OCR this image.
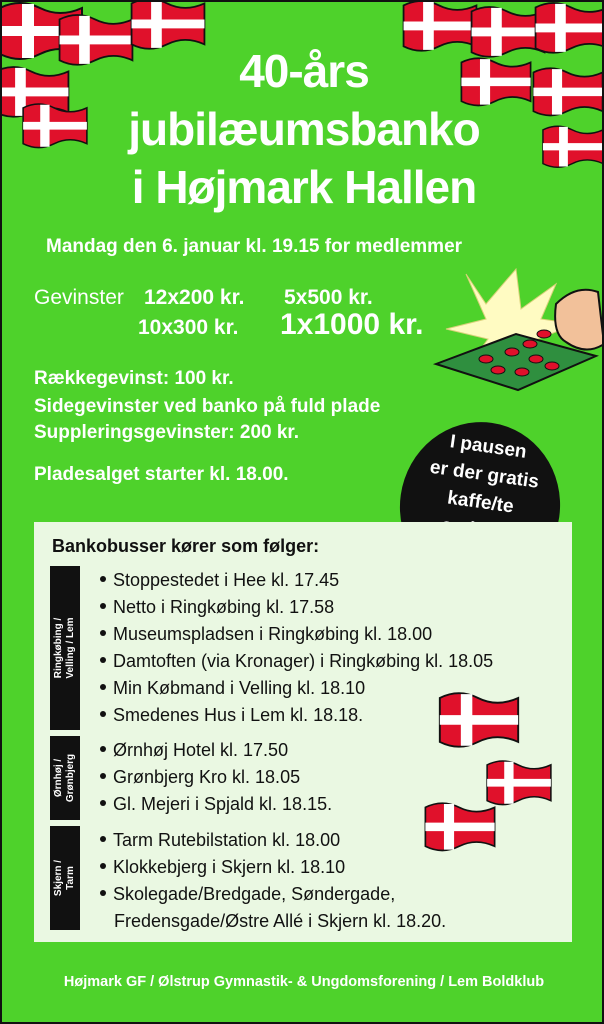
40-års
jubilæumsbanko
i Højmark Hallen
Mandag den 6. januar kl. 19.15 for medlemmer
Gevinster 12x200 kr. 5x500 kr.
10x300 kr. 1x1000 kr.
Rækkegevinst: 100 kr.
Sidegevinster ved banko på fuld plade
Suppleringsgevinster: 200 kr.
Pladesalget starter kl. 18.00.
I pausen
er der gratis
kaffe/te
Bankobusser kører som følger:
Ringkøbing /
Velling / Lem
Stoppestedet i Hee kl. 17.45
Netto i Ringkøbing kl. 17.58
Museumspladsen i Ringkøbing kl. 18.00
Damtoften (via Kronager) i Ringkøbing kl. 18.05
Min Købmand i Velling kl. 18.10
Smedenes Hus i Lem kl. 18.18.
Ørnhøj /
Grønbjerg
Ørnhøj Hotel kl. 17.50
Grønbjerg Kro kl. 18.05
Gl. Mejeri i Spjald kl. 18.15.
Skjern /
Tarm
Tarm Rutebilstation kl. 18.00
Klokkebjerg i Skjern kl. 18.10
Skolegade/Bredgade, Søndergade,
Fredensgade/Østre Allé i Skjern kl. 18.20.
Højmark GF / Ølstrup Gymnastik- & Ungdomsforening / Lem Boldklub
